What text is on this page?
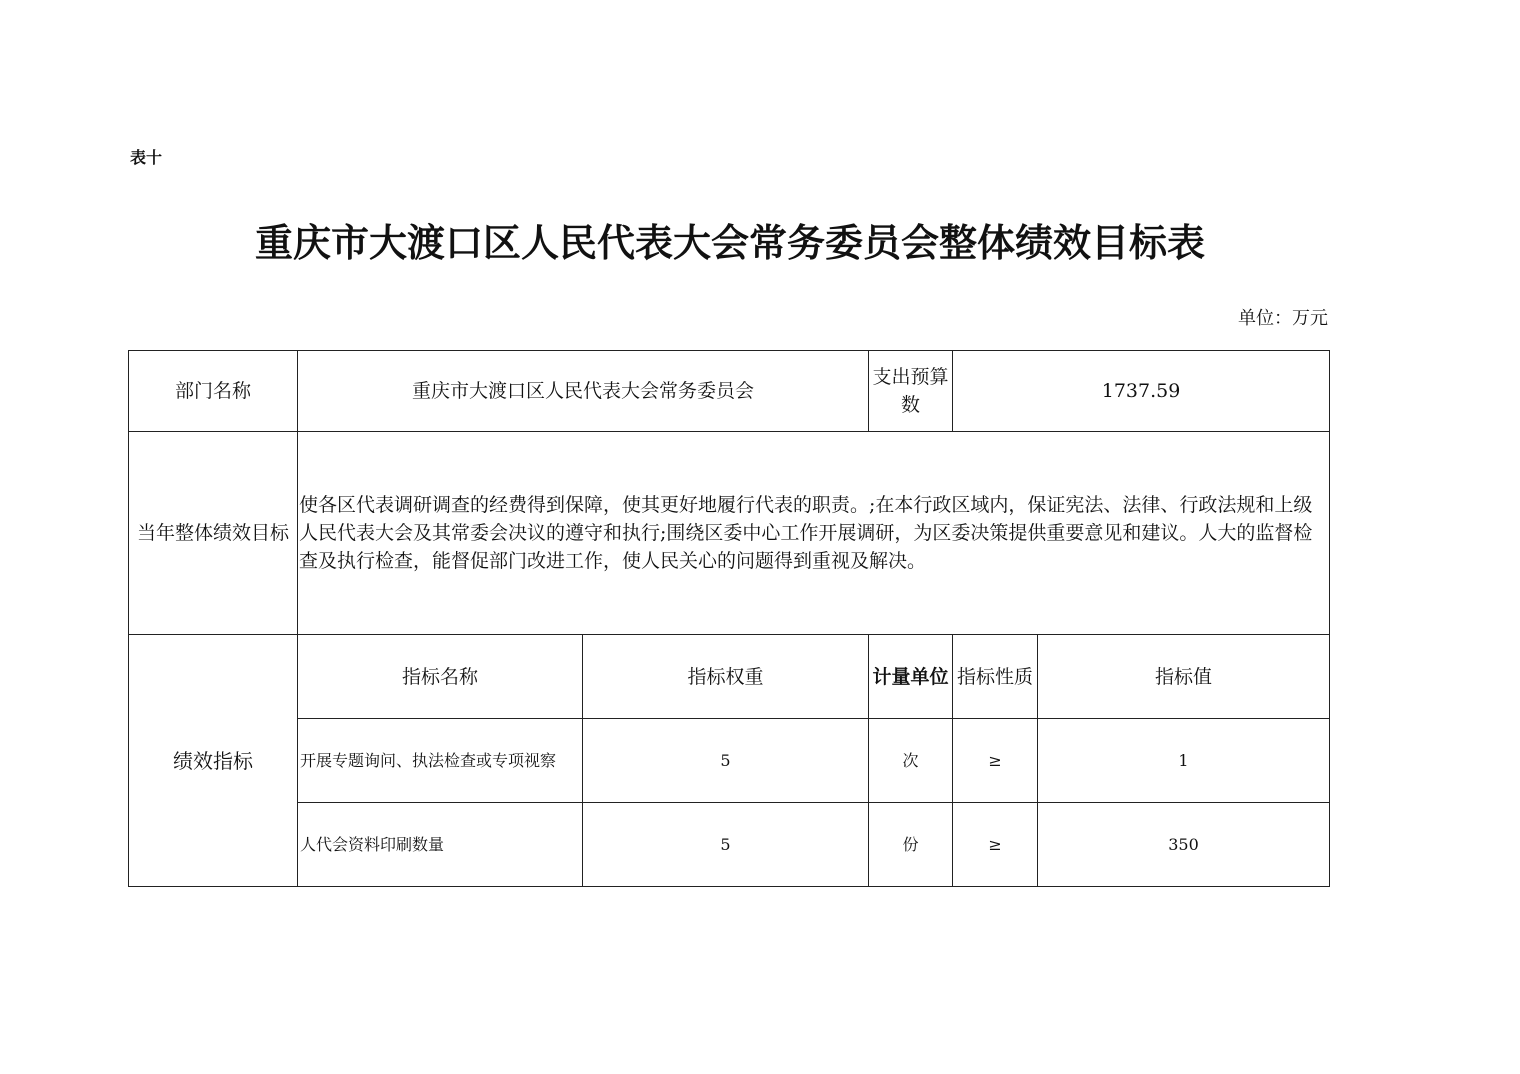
表十
重庆市大渡口区人民代表大会常务委员会整体绩效目标表
单位：万元
部门名称	重庆市大渡口区人民代表大会常务委员会		支出预算数	1737.59	
当年整体绩效目标	使各区代表调研调查的经费得到保障，使其更好地履行代表的职责。;在本行政区域内，保证宪法、法律、行政法规和上级人民代表大会及其常委会决议的遵守和执行;围绕区委中心工作开展调研，为区委决策提供重要意见和建议。人大的监督检查及执行检查，能督促部门改进工作，使人民关心的问题得到重视及解决。				
绩效指标	指标名称	指标权重	计量单位	指标性质	指标值
	开展专题询问、执法检查或专项视察	5	次	≥	1
	人代会资料印刷数量	5	份	≥	350
